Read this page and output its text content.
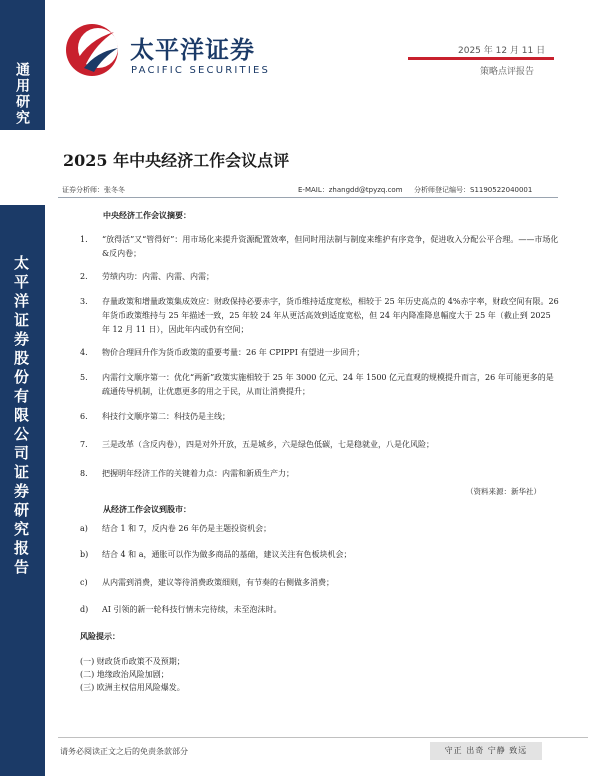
通用研究
太平洋证券股份有限公司证券研究报告
太平洋证券
PACIFIC SECURITIES
2025 年 12 月 11 日
策略点评报告
2025 年中央经济工作会议点评
证券分析师：张冬冬	E-MAIL：zhangdd@tpyzq.com 分析师登记编号：S1190522040001
中央经济工作会议摘要：
1. “放得活”又“管得好”：用市场化来提升资源配置效率，但同时用法制与制度来维护有序竞争，促进收入分配公平合理。——市场化&反内卷；
2. 劳绩内功：内需、内需、内需；
3. 存量政策和增量政策集成效应：财政保持必要赤字，货币维持适度宽松，相较于 25 年历史高点的 4%赤字率，财政空间有限。26 年货币政策维持与 25 年描述一致，25 年较 24 年从更活高效到适度宽松，但 24 年内降准降息幅度大于 25 年（截止到 2025 年 12 月 11 日），因此年内或仍有空间；
4. 物价合理回升作为货币政策的重要考量：26 年 CPIPPI 有望进一步回升；
5. 内需行文顺序第一：优化“两新”政策实施相较于 25 年 3000 亿元、24 年 1500 亿元直观的规模提升而言，26 年可能更多的是疏通传导机制，让优惠更多的用之于民，从而让消费提升；
6. 科技行文顺序第二：科技仍是主线；
7. 三是改革（含反内卷），四是对外开放，五是城乡，六是绿色低碳，七是稳就业，八是化风险；
8. 把握明年经济工作的关键着力点：内需和新质生产力；
（资料来源：新华社）
从经济工作会议到股市：
a) 结合 1 和 7，反内卷 26 年仍是主题投资机会；
b) 结合 4 和 a，通胀可以作为做多商品的基础，建议关注有色板块机会；
c) 从内需到消费，建议等待消费政策细则，有节奏的右侧做多消费；
d) AI 引领的新一轮科技行情未完待续，未至泡沫时。
风险提示：
(一) 财政货币政策不及预期；
(二) 地缘政治风险加剧；
(三) 欧洲主权信用风险爆发。
请务必阅读正文之后的免责条款部分	守正 出奇 宁静 致远
